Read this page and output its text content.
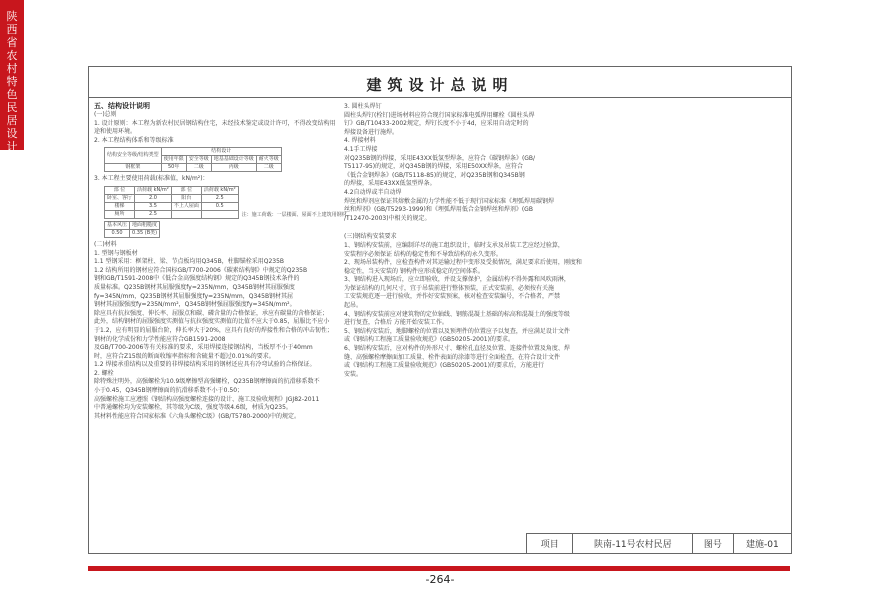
陕西省农村特色民居设计图集
建筑设计总说明
五、结构设计说明
(一)总则
1. 设计原则：本工程为新农村民居钢结构住宅，未经技术鉴定或设计许可，不得改变结构用
途和使用环境。
2. 本工程结构体系和等级标准
结构安全等级/结构类型	结构设计			
	使用年限	安全等级	地基基础设计等级	耐火等级
钢框架	50年	二级	丙级	二级
3. 本工程主要使用荷载(标准值，kN/m²)：
部 位	活荷载 kN/m²	部 位	活荷载 kN/m²
卧室、客厅	2.0	阳台	2.5
楼梯	3.5	不上人屋面	0.5
厕所	2.5			注：施工荷载：一层楼面、屋面不上建筑用钢材。
基本风压	地面粗糙度
0.50	0.35 (B类)
(二)材料
1. 型钢与钢板材
1.1 型钢采用：框架柱、梁、节点板均用Q345B，柱脚锚栓采用Q235B
1.2 结构所用的钢材应符合国标GB/T700-2006《碳素结构钢》中规定的Q235B
钢和GB/T1591-2008中《低合金高强度结构钢》规定的Q345B钢技术条件的
质量标准。Q235B钢材其屈服强度fy=235N/mm，Q345B钢材其屈服强度
fy=345N/mm，Q235B钢材其屈服强度fy=235N/mm，Q345B钢材其屈
钢材其屈服强度fy=235N/mm²，Q345B钢材强屈服强度fy=345N/mm²。
除应具有抗拉强度、伸长率、屈服点和碳、磷含量的合格保证，承应有碳量的含格保证；
此外，结构钢材的屈服强度实测值与抗拉强度实测值的比值不应大于0.85，屈服比不应小
于1.2，应有明显的屈服台阶，伸长率大于20%，应具有良好的焊接性和合格的冲击韧性；
钢材的化学成份和力学性能应符合GB1591-2008
及GB/T700-2006等有关标准的要求，采用焊接连接钢结构，当板厚不小于40mm
时，应符合Z15级的断面收缩率指标和含硫量不超过0.01%的要求。
1.2 焊接承重结构以及重要的非焊接结构采用的钢材还应具有冷弯试验的合格保证。
2. 螺栓
除特殊注明外，高强螺栓为10.9级摩擦型高强螺栓，Q235B钢摩擦面的抗滑移系数不
小于0.45，Q345B钢摩擦面的抗滑移系数不小于0.50；
高强螺栓施工应遵照《钢结构高强度螺栓连接的设计、施工及验收规程》JGJ82-2011
中普通螺栓均为安装螺栓，其等级为C级，强度等级4.6级，材质为Q235。
其材料性能应符合国家标准《六角头螺栓C级》(GB/T5780-2000)中的规定。
3. 圆柱头焊钉
圆柱头焊钉(栓钉)进场材料应符合现行国家标准电弧焊用螺栓《圆柱头焊
钉》GB/T10433-2002规定，焊钉长度不小于4d，应采用自动定时的
焊接设备进行施焊。
4. 焊接材料
4.1手工焊接
对Q235B钢的焊接，采用E43XX低氢型焊条，应符合《碳钢焊条》(GB/
T5117-95)的规定，对Q345B钢的焊接，采用E50XX焊条，应符合
《低合金钢焊条》(GB/T5118-85)的规定，对Q235B钢和Q345B钢
的焊接，采用E43XX低氢型焊条。
4.2自动焊或半自动焊
焊丝和焊剂应保证其熔敷金属的力学性能不低于现行国家标准《埋弧焊用碳钢焊
丝和焊剂》(GB/T5293-1999)和《埋弧焊用低合金钢焊丝和焊剂》(GB
/T12470-2003)中相关的规定。
(三)钢结构安装要求
1、钢结构安装前，应编制详尽的施工组织设计，临时支承及吊装工艺应经过验算，
安装程序必须保证 结构的稳定性和不导致结构的永久变形。
2、现场吊装构件，应检查构件对其运输过程中变形及受损情况，满足要求后使用，刚度和
稳定性，当天安装的 钢构件应形成稳定的空间体系。
3、钢结构进入现场后，应立即验收，并设支撑保护，金属结构不得外露和风吹雨淋，
为保证结构的几何尺寸，宜于吊装前进行整体预装，正式安装前，必须按有关施
工安装规范逐一进行验收，并作好安装预案，核对检查安装编号，不合格者，严禁
起吊。
4、钢结构安装前应对建筑物的定位轴线、钢筋混凝土基础的标高和混凝土的强度等级
进行复查，合格后 方能开始安装工作。
5、钢结构安装后，地脚螺栓的位置以及预埋件的位置应予以复查，并应满足设计文件
或《钢结构工程施工质量验收规范》(GB50205-2001)的要求。
6、钢结构安装后，应对构件的外形尺寸、螺栓孔直径及位置、连接件位置及角度、焊
缝、高强螺栓摩擦面加工质量、栓件表面的涂漆等进行全面检查，在符合设计文件
或《钢结构工程施工质量验收规范》(GB50205-2001)的要求后，方能进行
安装。
项目	陕南-11号农村民居	图号	建施-01
-264-
